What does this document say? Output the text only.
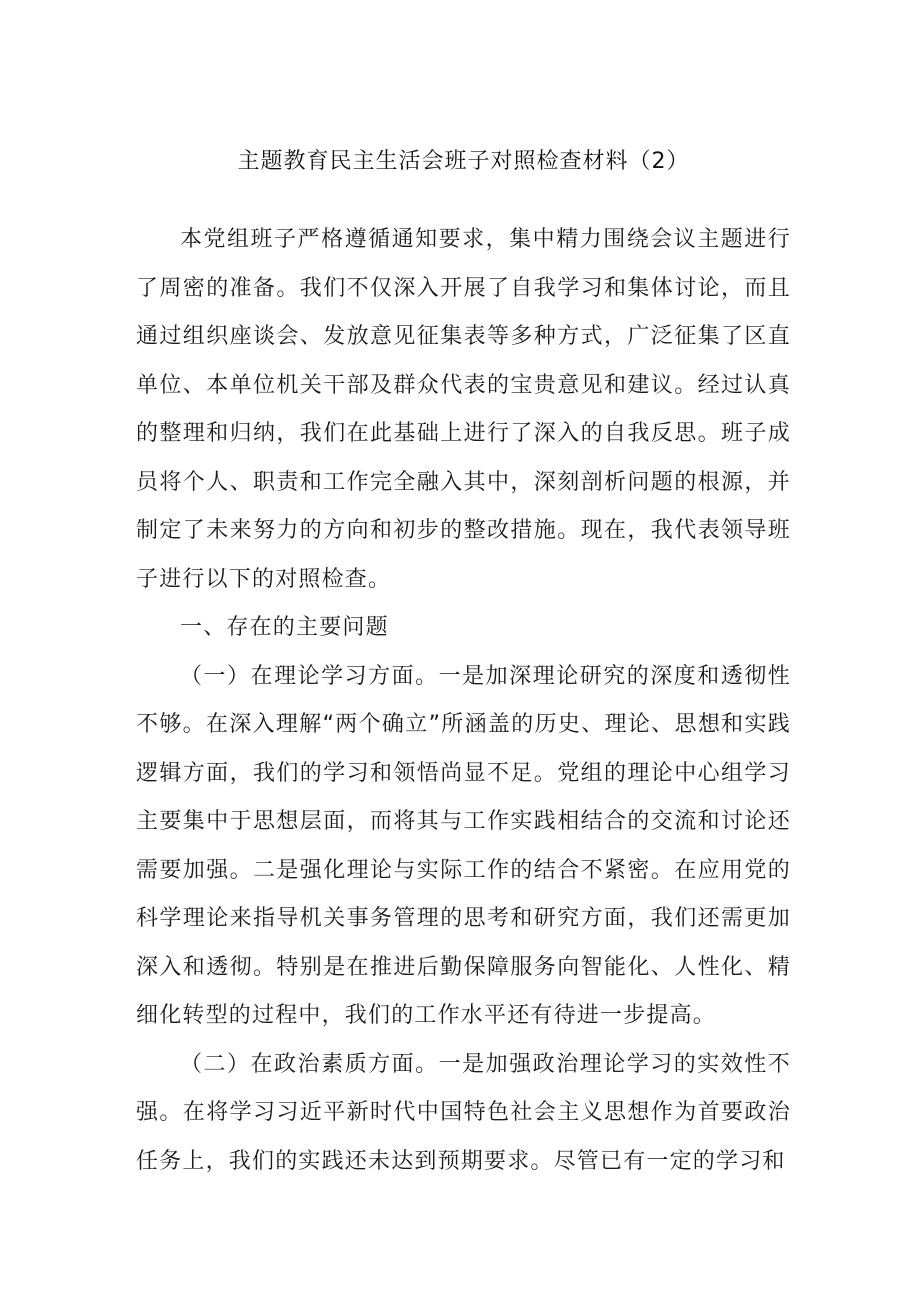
主题教育民主生活会班子对照检查材料（2）

本党组班子严格遵循通知要求，集中精力围绕会议主题进行了周密的准备。我们不仅深入开展了自我学习和集体讨论，而且通过组织座谈会、发放意见征集表等多种方式，广泛征集了区直单位、本单位机关干部及群众代表的宝贵意见和建议。经过认真的整理和归纳，我们在此基础上进行了深入的自我反思。班子成员将个人、职责和工作完全融入其中，深刻剖析问题的根源，并制定了未来努力的方向和初步的整改措施。现在，我代表领导班子进行以下的对照检查。

一、存在的主要问题

（一）在理论学习方面。一是加深理论研究的深度和透彻性不够。在深入理解“两个确立”所涵盖的历史、理论、思想和实践逻辑方面，我们的学习和领悟尚显不足。党组的理论中心组学习主要集中于思想层面，而将其与工作实践相结合的交流和讨论还需要加强。二是强化理论与实际工作的结合不紧密。在应用党的科学理论来指导机关事务管理的思考和研究方面，我们还需更加深入和透彻。特别是在推进后勤保障服务向智能化、人性化、精细化转型的过程中，我们的工作水平还有待进一步提高。

（二）在政治素质方面。一是加强政治理论学习的实效性不强。在将学习习近平新时代中国特色社会主义思想作为首要政治任务上，我们的实践还未达到预期要求。尽管已有一定的学习和
